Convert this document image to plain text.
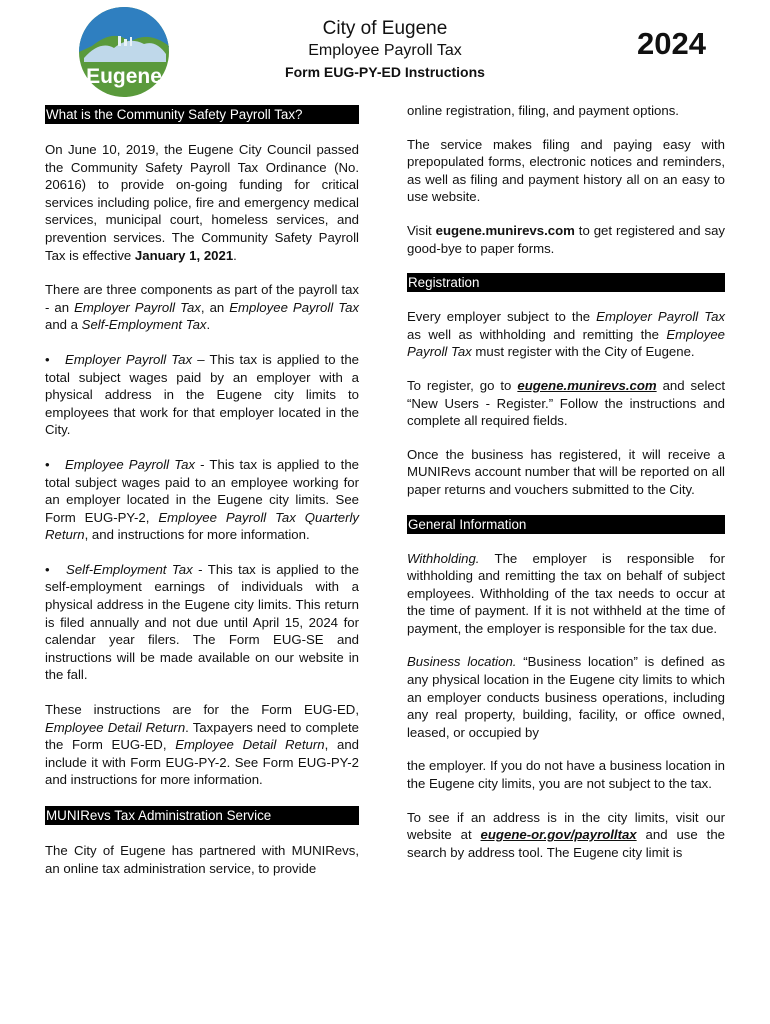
Eugene
City of Eugene
Employee Payroll Tax
Form EUG-PY-ED Instructions
2024
What is the Community Safety Payroll Tax?

On June 10, 2019, the Eugene City Council passed the Community Safety Payroll Tax Ordinance (No. 20616) to provide on-going funding for critical services including police, fire and emergency medical services, municipal court, homeless services, and prevention services. The Community Safety Payroll Tax is effective January 1, 2021.

There are three components as part of the payroll tax - an Employer Payroll Tax, an Employee Payroll Tax and a Self-Employment Tax.

•   Employer Payroll Tax – This tax is applied to the total subject wages paid by an employer with a physical address in the Eugene city limits to employees that work for that employer located in the City.

•   Employee Payroll Tax - This tax is applied to the total subject wages paid to an employee working for an employer located in the Eugene city limits. See Form EUG-PY-2, Employee Payroll Tax Quarterly Return, and instructions for more information.

•   Self-Employment Tax - This tax is applied to the self-employment earnings of individuals with a physical address in the Eugene city limits. This return is filed annually and not due until April 15, 2024 for calendar year filers. The Form EUG-SE and instructions will be made available on our website in the fall.

These instructions are for the Form EUG-ED, Employee Detail Return. Taxpayers need to complete the Form EUG-ED, Employee Detail Return, and include it with Form EUG-PY-2. See Form EUG-PY-2 and instructions for more information.

MUNIRevs Tax Administration Service

The City of Eugene has partnered with MUNIRevs, an online tax administration service, to provide

online registration, filing, and payment options.

The service makes filing and paying easy with prepopulated forms, electronic notices and reminders, as well as filing and payment history all on an easy to use website.

Visit eugene.munirevs.com to get registered and say good-bye to paper forms.

Registration

Every employer subject to the Employer Payroll Tax as well as withholding and remitting the Employee Payroll Tax must register with the City of Eugene.

To register, go to eugene.munirevs.com and select “New Users - Register.” Follow the instructions and complete all required fields.

Once the business has registered, it will receive a MUNIRevs account number that will be reported on all paper returns and vouchers submitted to the City.

General Information

Withholding. The employer is responsible for withholding and remitting the tax on behalf of subject employees. Withholding of the tax needs to occur at the time of payment. If it is not withheld at the time of payment, the employer is responsible for the tax due.

Business location. “Business location” is defined as any physical location in the Eugene city limits to which an employer conducts business operations, including any real property, building, facility, or office owned, leased, or occupied by

the employer. If you do not have a business location in the Eugene city limits, you are not subject to the tax.

To see if an address is in the city limits, visit our website at eugene-or.gov/payrolltax and use the search by address tool. The Eugene city limit is
